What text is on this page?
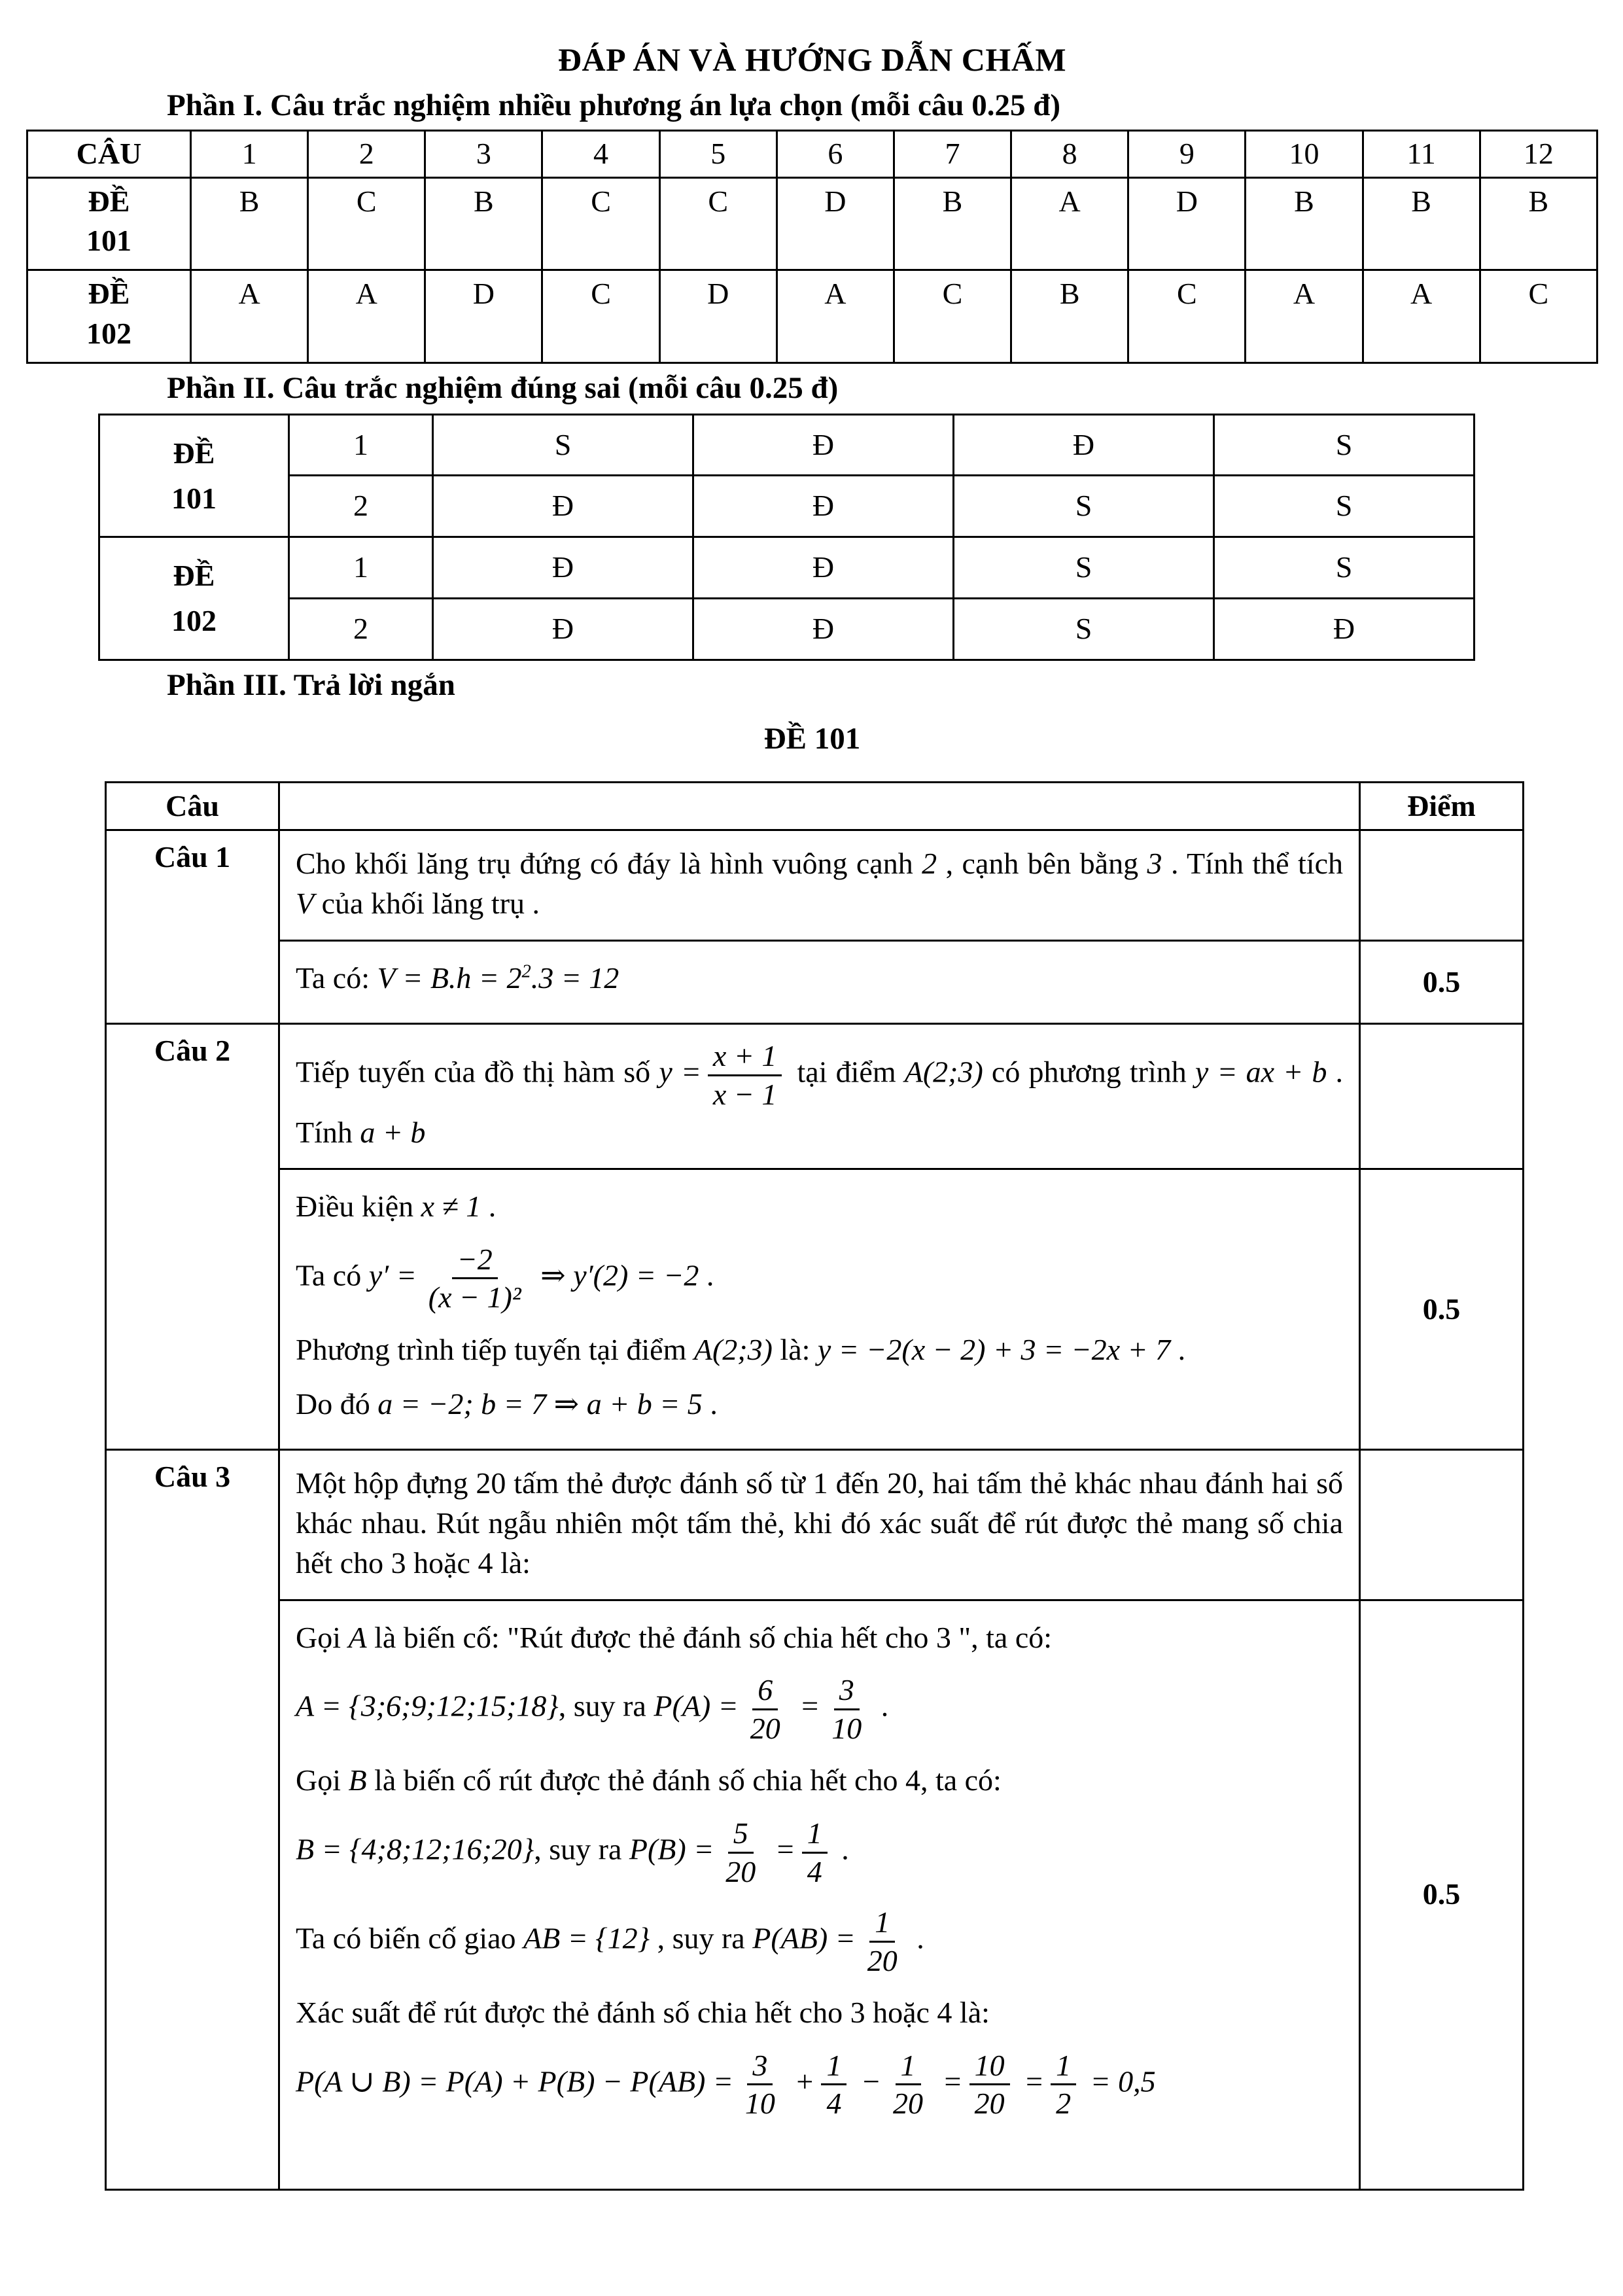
ĐÁP ÁN VÀ HƯỚNG DẪN CHẤM
Phần I. Câu trắc nghiệm nhiều phương án lựa chọn (mỗi câu 0.25 đ)
CÂU	1	2	3	4	5	6	7	8	9	10	11	12

ĐỀ
101	B	C	B	C	C	D	B	A	D	B	B	B

ĐỀ
102	A	A	D	C	D	A	C	B	C	A	A	C
Phần II. Câu trắc nghiệm đúng sai (mỗi câu 0.25 đ)
ĐỀ
101	1	S	Đ	Đ	S
	2	Đ	Đ	S	S

ĐỀ
102	1	Đ	Đ	S	S
	2	Đ	Đ	S	Đ
Phần III. Trả lời ngắn
ĐỀ 101
Câu		Điểm
Câu 1	Cho khối lăng trụ đứng có đáy là hình vuông cạnh 2 , cạnh bên bằng 3 . Tính thể tích V của khối lăng trụ .	

	Ta có: $V = B.h = 2^2.3 = 12$	0.5
Câu 2	Tiếp tuyến của đồ thị hàm số $y = \frac{x + 1}{x - 1}$ tại điểm A(2;3) có phương trình y = ax + b . Tính a + b	

Điều kiện x ≠ 1 .

Ta có $y' = \frac{-2}{\text{(x − 1)²}}$ ⇒ y′(2) = −2 .

Phương trình tiếp tuyến tại điểm A(2;3) là: y = −2(x − 2) + 3 = −2x + 7 .

Do đó a = −2; b = 7 ⇒ a + b = 5 .

	0.5
Câu 3	Một hộp đựng 20 tấm thẻ được đánh số từ 1 đến 20, hai tấm thẻ khác nhau đánh hai số khác nhau. Rút ngẫu nhiên một tấm thẻ, khi đó xác suất để rút được thẻ mang số chia hết cho 3 hoặc 4 là:	

Gọi A là biến cố: "Rút được thẻ đánh số chia hết cho 3 ", ta có:

A = {3;6;9;12;15;18}, suy ra $P(A) = \frac{6}{20} = \frac{3}{10}$ .

Gọi B là biến cố rút được thẻ đánh số chia hết cho 4, ta có:

B = {4;8;12;16;20}, suy ra $P(B) = \frac{5}{20} = \frac{1}{4}$ .

Ta có biến cố giao AB = {12} , suy ra $P(AB) = \frac{1}{20}$ .

Xác suất để rút được thẻ đánh số chia hết cho 3 hoặc 4 là:

P(A ∪ $B) = P(A) + P(B) - P(AB) = \frac{3}{10} + \frac{1}{4} - \frac{1}{20} = \frac{10}{20} = \frac{1}{2} = 0,5$

	0.5
